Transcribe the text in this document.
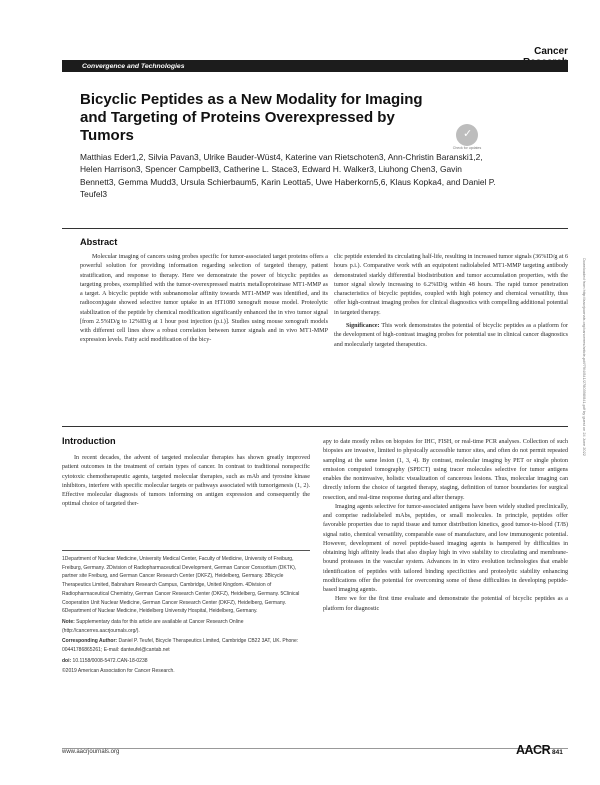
Cancer
Convergence and Technologies
Bicyclic Peptides as a New Modality for Imaging and Targeting of Proteins Overexpressed by Tumors	✓
Check for updates
Matthias Eder1,2, Silvia Pavan3, Ulrike Bauder-Wüst4, Katerine van Rietschoten3, Ann-Christin Baranski1,2, Helen Harrison3, Spencer Campbell3, Catherine L. Stace3, Edward H. Walker3, Liuhong Chen3, Gavin Bennett3, Gemma Mudd3, Ursula Schierbaum5, Karin Leotta5, Uwe Haberkorn5,6, Klaus Kopka4, and Daniel P. Teufel3
Abstract

Molecular imaging of cancers using probes specific for tumor-associated target proteins offers a powerful solution for providing information regarding selection of targeted therapy, patient stratification, and response to therapy. Here we demonstrate the power of bicyclic peptides as targeting probes, exemplified with the tumor-overexpressed matrix metalloproteinase MT1-MMP as a target. A bicyclic peptide with subnanomolar affinity towards MT1-MMP was identified, and its radioconjugate showed selective tumor uptake in an HT1080 xenograft mouse model. Proteolytic stabilization of the peptide by chemical modification significantly enhanced the in vivo tumor signal [from 2.5%ID/g to 12%ID/g at 1 hour post injection (p.i.)]. Studies using mouse xenograft models with different cell lines show a robust correlation between tumor signals and in vivo MT1-MMP expression levels. Fatty acid modification of the bicy-

clic peptide extended its circulating half-life, resulting in increased tumor signals (36%ID/g at 6 hours p.i.). Comparative work with an equipotent radiolabeled MT1-MMP targeting antibody demonstrated starkly differential biodistribution and tumor accumulation properties, with the tumor signal slowly increasing to 6.2%ID/g within 48 hours. The rapid tumor penetration characteristics of bicyclic peptides, coupled with high potency and chemical versatility, thus offer high-contrast imaging probes for clinical diagnostics with compelling additional potential in targeted therapy.

Significance: This work demonstrates the potential of bicyclic peptides as a platform for the development of high-contrast imaging probes for potential use in clinical cancer diagnostics and molecularly targeted therapeutics.	Downloaded from http://aacrjournals.org/cancerres/article-pdf/79/4/841/2780398/841.pdf by guest on 24 June 2022
Introduction

In recent decades, the advent of targeted molecular therapies has shown greatly improved patient outcomes in the treatment of certain types of cancer. In contrast to traditional nonspecific cytotoxic chemotherapeutic agents, targeted molecular therapies, such as mAb and tyrosine kinase inhibitors, interfere with specific molecular targets or pathways associated with tumorigenesis (1, 2). Effective molecular diagnosis of tumors informing on antigen expression and consequently the optimal choice of targeted ther-

apy to date mostly relies on biopsies for IHC, FISH, or real-time PCR analyses. Collection of such biopsies are invasive, limited to physically accessible tumor sites, and often do not permit repeated sampling at the same lesion (1, 3, 4). By contrast, molecular imaging by PET or single photon emission computed tomography (SPECT) using tracer molecules selective for tumor antigens enables the noninvasive, holistic visualization of cancerous lesions. Thus, molecular imaging can directly inform the choice of targeted therapy, staging, definition of tumor boundaries for surgical resection, and real-time response during and after therapy.

Imaging agents selective for tumor-associated antigens have been widely studied preclinically, and comprise radiolabeled mAbs, peptides, or small molecules. In principle, peptides offer favorable properties due to rapid tissue and tumor distribution kinetics, good tumor-to-blood (T/B) signal ratio, chemical versatility, comparable ease of manufacture, and low immunogenic potential. However, development of novel peptide-based imaging agents is hampered by difficulties in obtaining high affinity leads that also display high in vivo stability to circulating and membrane-bound proteases in the vascular system. Advances in in vitro evolution technologies that enable identification of peptides with tailored binding specificities and proteolytic stability enhancing modifications offer the potential for overcoming some of these difficulties in developing peptide-based imaging agents.

Here we for the first time evaluate and demonstrate the potential of bicyclic peptides as a platform for diagnostic

1Department of Nuclear Medicine, University Medical Center, Faculty of Medicine, University of Freiburg, Freiburg, Germany. 2Division of Radiopharmaceutical Development, German Cancer Consortium (DKTK), partner site Freiburg, and German Cancer Research Center (DKFZ), Heidelberg, Germany. 3Bicycle Therapeutics Limited, Babraham Research Campus, Cambridge, United Kingdom. 4Division of Radiopharmaceutical Chemistry, German Cancer Research Center (DKFZ), Heidelberg, Germany. 5Clinical Cooperation Unit Nuclear Medicine, German Cancer Research Center (DKFZ), Heidelberg, Germany. 6Department of Nuclear Medicine, Heidelberg University Hospital, Heidelberg, Germany.

Note: Supplementary data for this article are available at Cancer Research Online (http://cancerres.aacrjournals.org/).

Corresponding Author: Daniel P. Teufel, Bicycle Therapeutics Limited, Cambridge CB22 3AT, UK. Phone: 00441786865261; E-mail: danteufel@cantab.net

doi: 10.1158/0008-5472.CAN-18-0238

©2019 American Association for Cancer Research.

www.aacrjournals.org	AACR 841
